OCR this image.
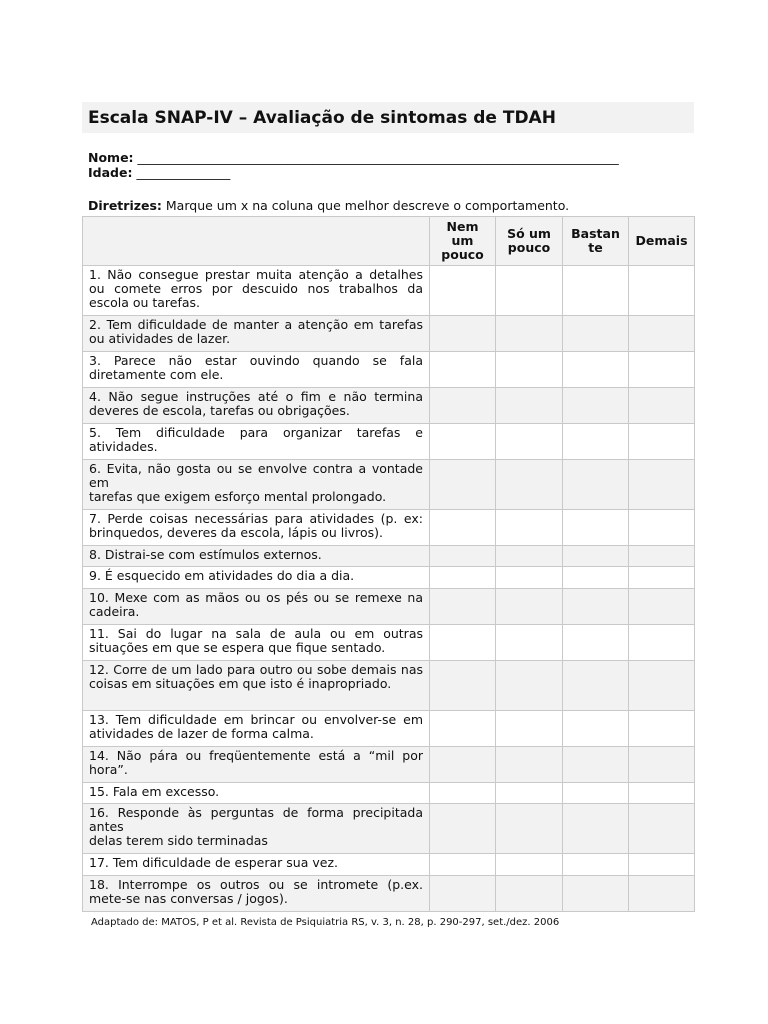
Escala SNAP-IV – Avaliação de sintomas de TDAH
Nome: _____________________________________________________________________________
Idade: _______________
Diretrizes: Marque um x na coluna que melhor descreve o comportamento.

	Nem
um
pouco	Só um
pouco	Bastan
te	Demais

1. Não consegue prestar muita atenção a detalhes ou comete erros por descuido nos trabalhos da escola ou tarefas.				
2. Tem dificuldade de manter a atenção em tarefas ou atividades de lazer.				
3. Parece não estar ouvindo quando se fala diretamente com ele.				
4. Não segue instruções até o fim e não termina deveres de escola, tarefas ou obrigações.				
5. Tem dificuldade para organizar tarefas e atividades.				
6. Evita, não gosta ou se envolve contra a vontade em
tarefas que exigem esforço mental prolongado.				
7. Perde coisas necessárias para atividades (p. ex: brinquedos, deveres da escola, lápis ou livros).				
8. Distrai-se com estímulos externos.				
9. É esquecido em atividades do dia a dia.				
10. Mexe com as mãos ou os pés ou se remexe na cadeira.				
11. Sai do lugar na sala de aula ou em outras situações em que se espera que fique sentado.				
12. Corre de um lado para outro ou sobe demais nas coisas em situações em que isto é inapropriado.				
13. Tem dificuldade em brincar ou envolver-se em atividades de lazer de forma calma.				
14. Não pára ou freqüentemente está a “mil por hora”.				
15. Fala em excesso.				
16. Responde às perguntas de forma precipitada antes
delas terem sido terminadas				
17. Tem dificuldade de esperar sua vez.				
18. Interrompe os outros ou se intromete (p.ex. mete-se nas conversas / jogos).				
Adaptado de: MATOS, P et al. Revista de Psiquiatria RS, v. 3, n. 28, p. 290-297, set./dez. 2006
